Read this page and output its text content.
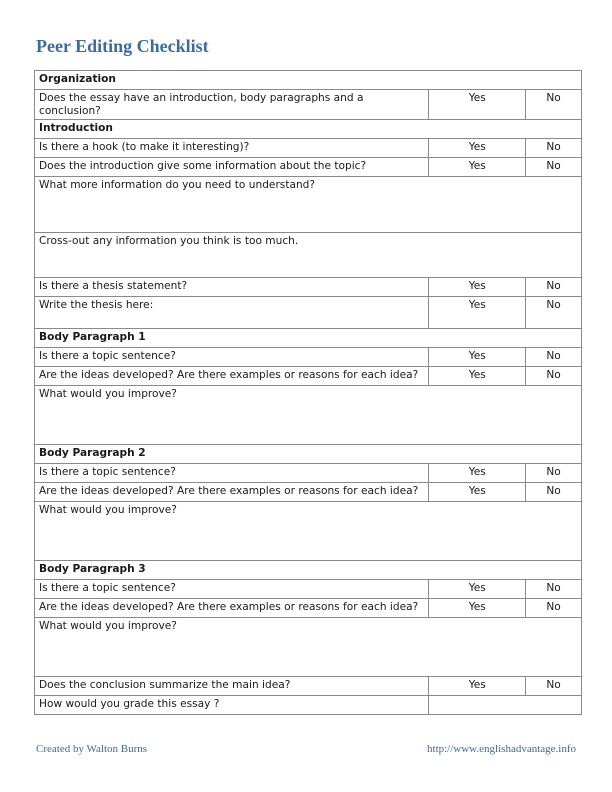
Peer Editing Checklist
Organization		
Does the essay have an introduction, body paragraphs and a conclusion?	Yes	No
Introduction		
Is there a hook (to make it interesting)?	Yes	No
Does the introduction give some information about the topic?	Yes	No
What more information do you need to understand?		
Cross-out any information you think is too much.		
Is there a thesis statement?	Yes	No
Write the thesis here:	Yes	No
Body Paragraph 1		
Is there a topic sentence?	Yes	No
Are the ideas developed? Are there examples or reasons for each idea?	Yes	No
What would you improve?		
Body Paragraph 2		
Is there a topic sentence?	Yes	No
Are the ideas developed? Are there examples or reasons for each idea?	Yes	No
What would you improve?		
Body Paragraph 3		
Is there a topic sentence?	Yes	No
Are the ideas developed? Are there examples or reasons for each idea?	Yes	No
What would you improve?		
Does the conclusion summarize the main idea?	Yes	No
How would you grade this essay ?		
Created by Walton Burns	http://www.englishadvantage.info
